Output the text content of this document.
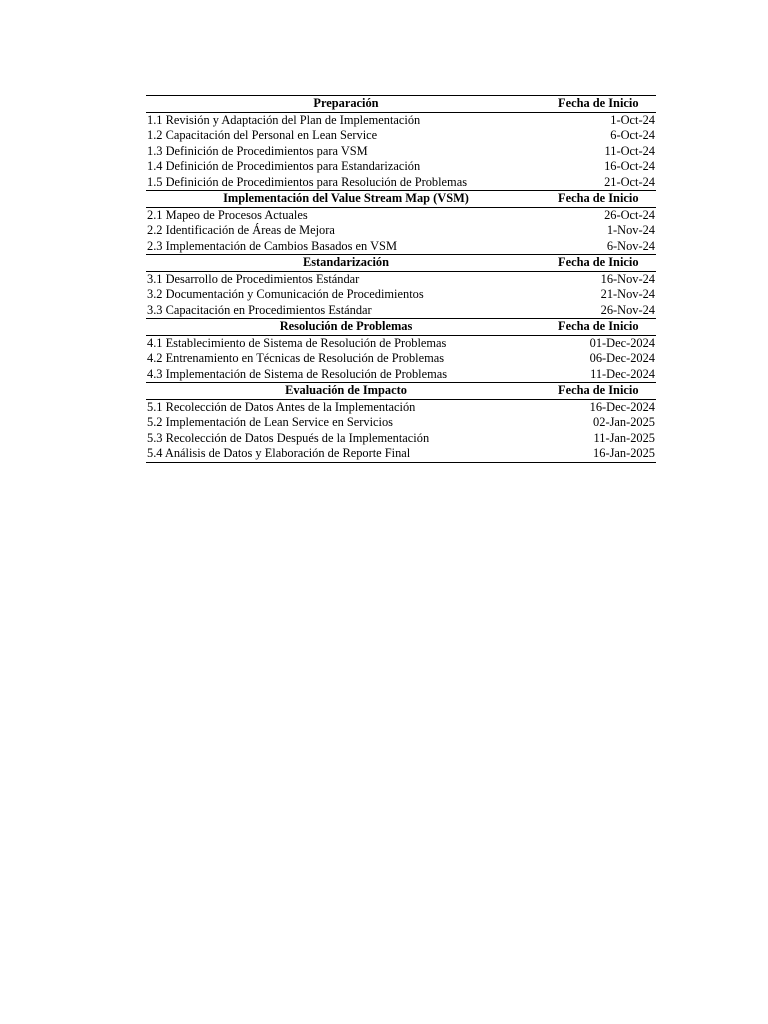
Preparación	Fecha de Inicio
1.1 Revisión y Adaptación del Plan de Implementación	1-Oct-24
1.2 Capacitación del Personal en Lean Service	6-Oct-24
1.3 Definición de Procedimientos para VSM	11-Oct-24
1.4 Definición de Procedimientos para Estandarización	16-Oct-24
1.5 Definición de Procedimientos para Resolución de Problemas	21-Oct-24
Implementación del Value Stream Map (VSM)	Fecha de Inicio
2.1 Mapeo de Procesos Actuales	26-Oct-24
2.2 Identificación de Áreas de Mejora	1-Nov-24
2.3 Implementación de Cambios Basados en VSM	6-Nov-24
Estandarización	Fecha de Inicio
3.1 Desarrollo de Procedimientos Estándar	16-Nov-24
3.2 Documentación y Comunicación de Procedimientos	21-Nov-24
3.3 Capacitación en Procedimientos Estándar	26-Nov-24
Resolución de Problemas	Fecha de Inicio
4.1 Establecimiento de Sistema de Resolución de Problemas	01-Dec-2024
4.2 Entrenamiento en Técnicas de Resolución de Problemas	06-Dec-2024
4.3 Implementación de Sistema de Resolución de Problemas	11-Dec-2024
Evaluación de Impacto	Fecha de Inicio
5.1 Recolección de Datos Antes de la Implementación	16-Dec-2024
5.2 Implementación de Lean Service en Servicios	02-Jan-2025
5.3 Recolección de Datos Después de la Implementación	11-Jan-2025
5.4 Análisis de Datos y Elaboración de Reporte Final	16-Jan-2025
